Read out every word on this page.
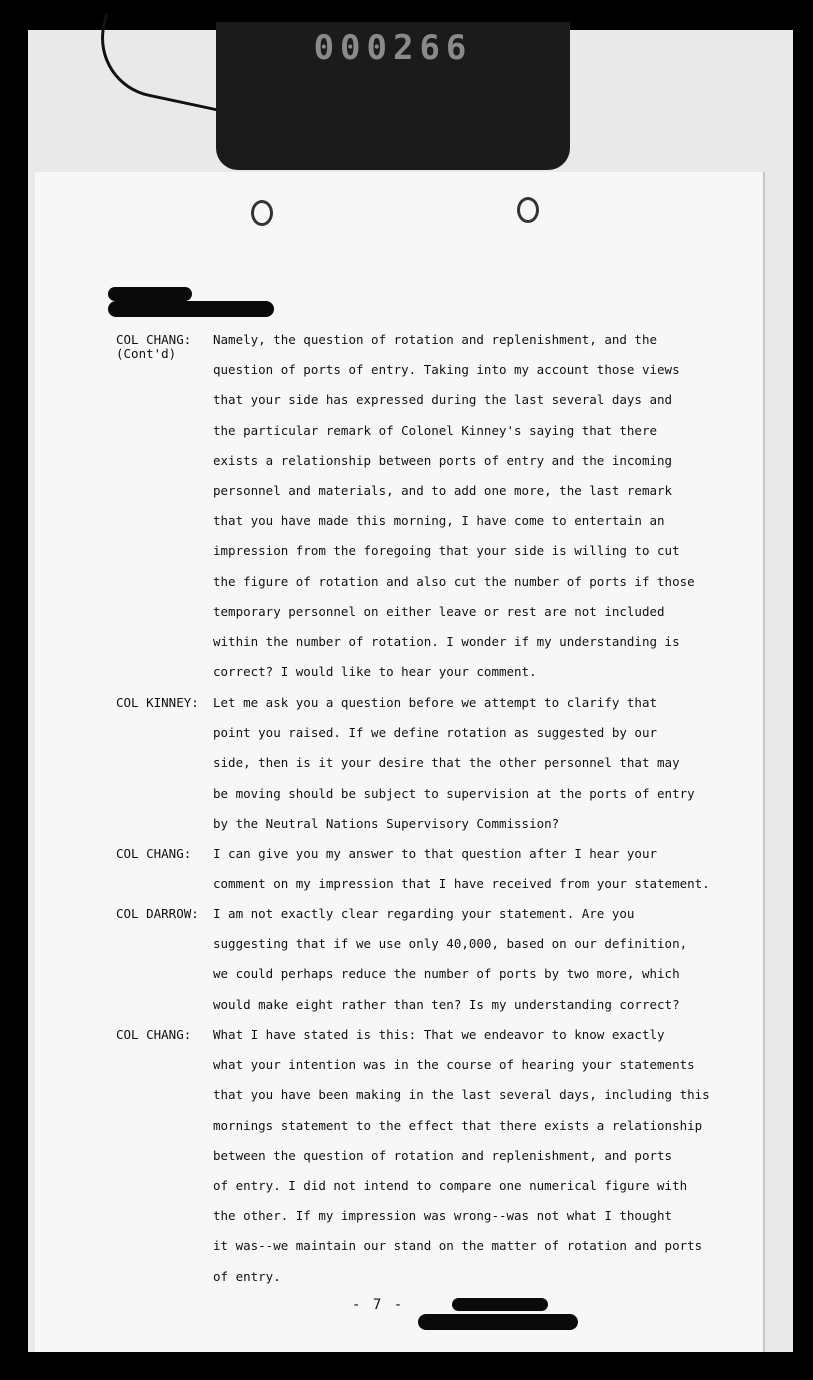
000266
COL CHANG:
(Cont'd)
Namely, the question of rotation and replenishment, and the
question of ports of entry. Taking into my account those views
that your side has expressed during the last several days and
the particular remark of Colonel Kinney's saying that there
exists a relationship between ports of entry and the incoming
personnel and materials, and to add one more, the last remark
that you have made this morning, I have come to entertain an
impression from the foregoing that your side is willing to cut
the figure of rotation and also cut the number of ports if those
temporary personnel on either leave or rest are not included
within the number of rotation. I wonder if my understanding is
correct? I would like to hear your comment.
COL KINNEY:	Let me ask you a question before we attempt to clarify that
point you raised. If we define rotation as suggested by our
side, then is it your desire that the other personnel that may
be moving should be subject to supervision at the ports of entry
by the Neutral Nations Supervisory Commission?
COL CHANG:	I can give you my answer to that question after I hear your
comment on my impression that I have received from your statement.
COL DARROW:	I am not exactly clear regarding your statement. Are you
suggesting that if we use only 40,000, based on our definition,
we could perhaps reduce the number of ports by two more, which
would make eight rather than ten? Is my understanding correct?
COL CHANG:	What I have stated is this: That we endeavor to know exactly
what your intention was in the course of hearing your statements
that you have been making in the last several days, including this
mornings statement to the effect that there exists a relationship
between the question of rotation and replenishment, and ports
of entry. I did not intend to compare one numerical figure with
the other. If my impression was wrong--was not what I thought
it was--we maintain our stand on the matter of rotation and ports
of entry.
- 7 -
